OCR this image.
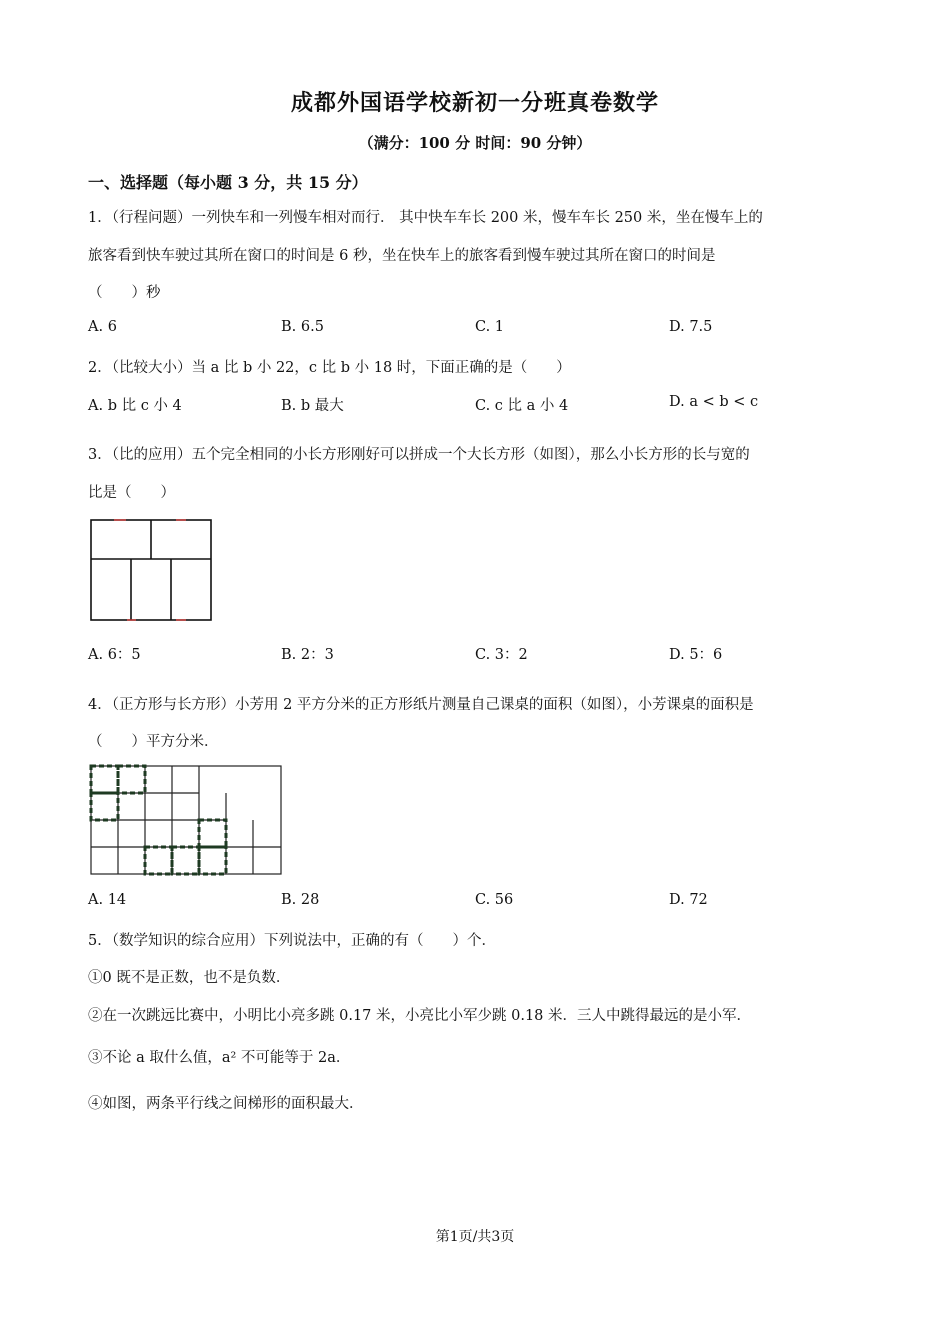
成都外国语学校新初一分班真卷数学
（满分：100 分 时间：90 分钟）
一、选择题（每小题 3 分，共 15 分）
1．（行程问题）一列快车和一列慢车相对而行． 其中快车车长 200 米，慢车车长 250 米，坐在慢车上的
旅客看到快车驶过其所在窗口的时间是 6 秒，坐在快车上的旅客看到慢车驶过其所在窗口的时间是
（　　）秒
A. 6	B. 6.5	C. 1	D. 7.5
2．（比较大小）当 a 比 b 小 22，c 比 b 小 18 时，下面正确的是（　　）
A. b 比 c 小 4	B. b 最大	C. c 比 a 小 4	D. a < b < c
3．（比的应用）五个完全相同的小长方形刚好可以拼成一个大长方形（如图），那么小长方形的长与宽的
比是（　　）
A. 6：5	B. 2：3	C. 3：2	D. 5：6
4．（正方形与长方形）小芳用 2 平方分米的正方形纸片测量自己课桌的面积（如图），小芳课桌的面积是
（　　）平方分米．
A. 14	B. 28	C. 56	D. 72
5．（数学知识的综合应用）下列说法中，正确的有（　　）个．
①0 既不是正数，也不是负数．
②在一次跳远比赛中，小明比小亮多跳 0.17 米，小亮比小军少跳 0.18 米．三人中跳得最远的是小军．
③不论 a 取什么值，a² 不可能等于 2a．
④如图，两条平行线之间梯形的面积最大．
第1页/共3页
